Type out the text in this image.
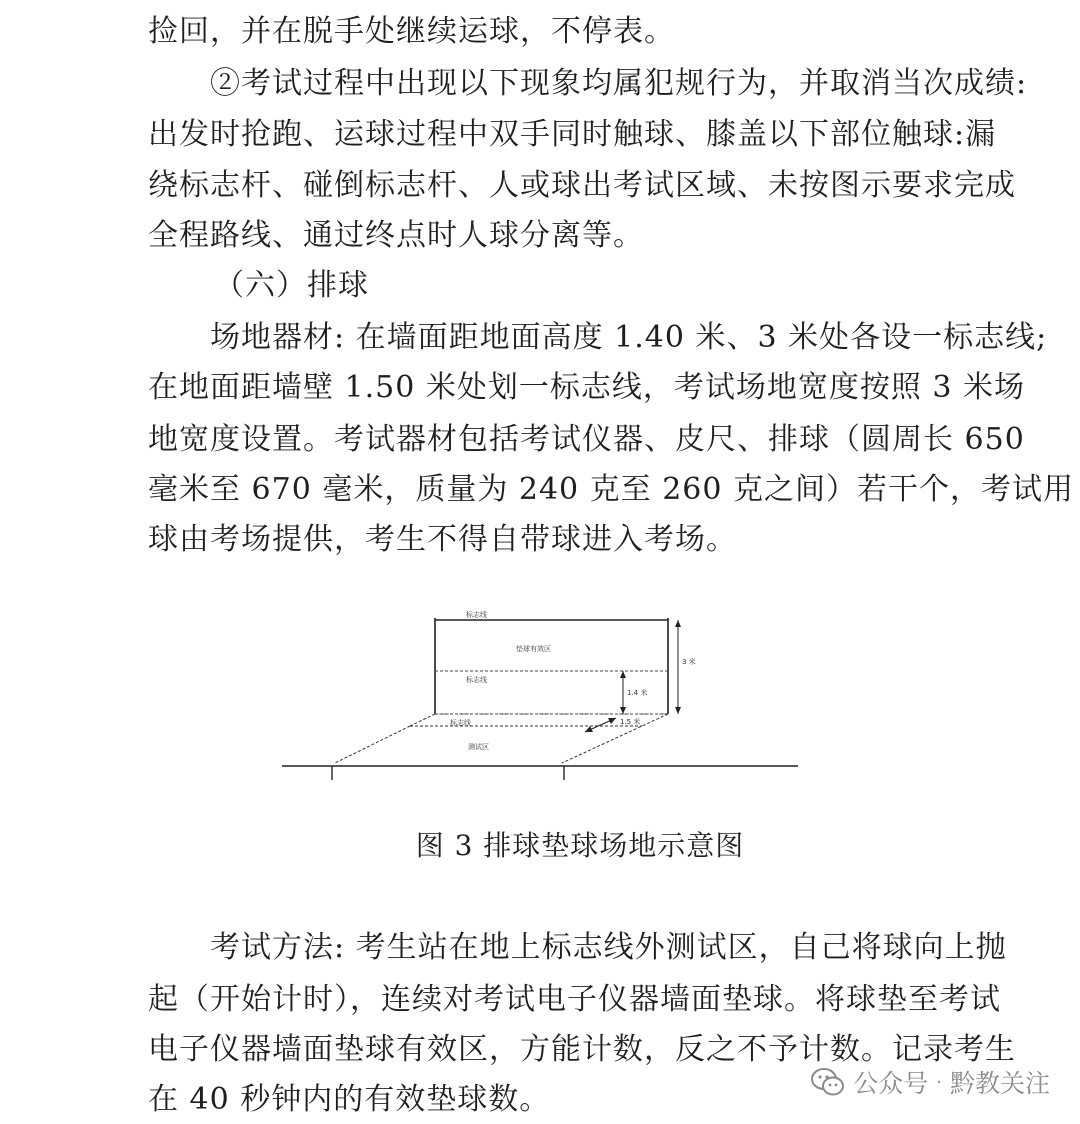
捡回，并在脱手处继续运球，不停表。
②考试过程中出现以下现象均属犯规行为，并取消当次成绩:
出发时抢跑、运球过程中双手同时触球、膝盖以下部位触球:漏
绕标志杆、碰倒标志杆、人或球出考试区域、未按图示要求完成
全程路线、通过终点时人球分离等。
（六）排球
场地器材: 在墙面距地面高度 1.40 米、3 米处各设一标志线;
在地面距墙壁 1.50 米处划一标志线，考试场地宽度按照 3 米场
地宽度设置。考试器材包括考试仪器、皮尺、排球（圆周长 650
毫米至 670 毫米，质量为 240 克至 260 克之间）若干个，考试用
球由考场提供，考生不得自带球进入考场。
标志线
垫球有效区
标志线
3 米
1.4 米
1.5 米
标志线
测试区
图 3 排球垫球场地示意图
考试方法: 考生站在地上标志线外测试区，自己将球向上抛
起（开始计时），连续对考试电子仪器墙面垫球。将球垫至考试
电子仪器墙面垫球有效区，方能计数，反之不予计数。记录考生
在 40 秒钟内的有效垫球数。	公众号 · 黔教关注
